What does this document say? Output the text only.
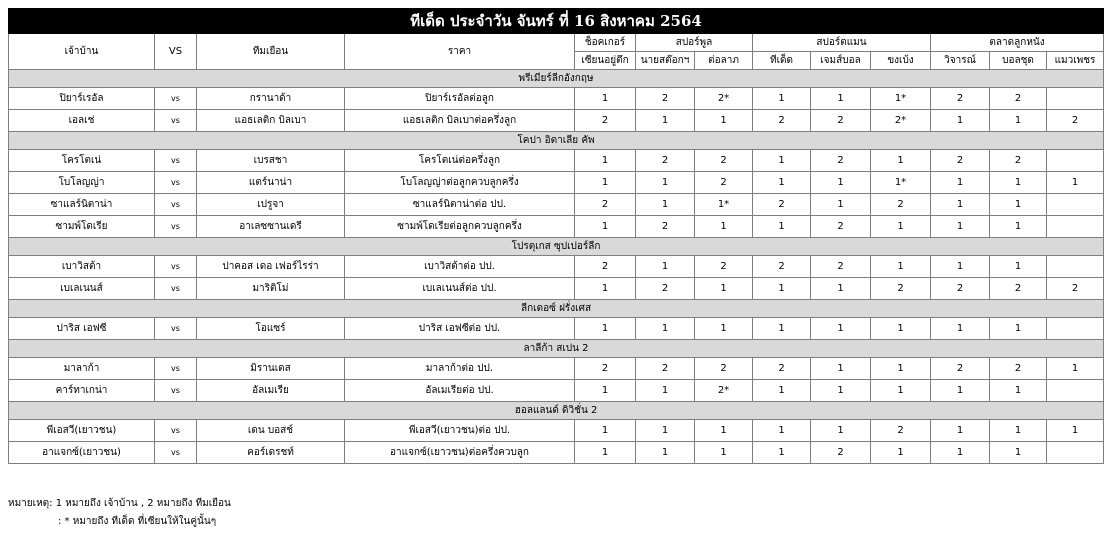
ทีเด็ด ประจำวัน จันทร์ ที่ 16 สิงหาคม 2564												
เจ้าบ้าน	VS	ทีมเยือน	ราคา	ช็อคเกอร์	สปอร์พูล		สปอร์ตแมน			ตลาดลูกหนัง		
				เซียนอยู่ตึก	นายสต๊อกฯ	ต่อลาภ	ทีเด็ด	เจมส์บอล	ขงเบ้ง	วิจารณ์	บอลชุด	แมวเพชร
พรีเมียร์ลีกอังกฤษ												
ปิยาร์เรอัล	vs	กรานาด้า	ปิยาร์เรอัลต่อลูก	1	2	2*	1	1	1*	2	2	
เอลเช่	vs	แอธเลติก บิลเบา	แอธเลติก บิลเบาต่อครึ่งลูก	2	1	1	2	2	2*	1	1	2
โคปา อิตาเลีย คัพ												
โครโตเน่	vs	เบรสชา	โครโตเน่ต่อครึ่งลูก	1	2	2	1	2	1	2	2	
โบโลญญ่า	vs	แตร์นาน่า	โบโลญญ่าต่อลูกควบลูกครึ่ง	1	1	2	1	1	1*	1	1	1
ซาแลร์นิตาน่า	vs	เปรูจา	ซาแลร์นิตาน่าต่อ ปป.	2	1	1*	2	1	2	1	1	
ซามพ์โดเรีย	vs	อาเลซซานเดรี	ซามพ์โดเรียต่อลูกควบลูกครึ่ง	1	2	1	1	2	1	1	1	
โปรตุเกส ซุปเปอร์ลีก												
เบาวิสต้า	vs	ปาคอส เดอ เฟอร์ไรร่า	เบาวิสต้าต่อ ปป.	2	1	2	2	2	1	1	1	
เบเลเนนส์	vs	มาริติโม่	เบเลเนนส์ต่อ ปป.	1	2	1	1	1	2	2	2	2
ลีกเดอซ์ ฝรั่งเศส												
ปาริส เอฟซี	vs	โอแซร์	ปาริส เอฟซีต่อ ปป.	1	1	1	1	1	1	1	1	
ลาลีก้า สเปน 2												
มาลาก้า	vs	มิรานเดส	มาลาก้าต่อ ปป.	2	2	2	2	1	1	2	2	1
คาร์ทาเกน่า	vs	อัลเมเรีย	อัลเมเรียต่อ ปป.	1	1	2*	1	1	1	1	1	
ฮอลแลนด์ ดิวิชั่น 2												
พีเอสวี(เยาวชน)	vs	เดน บอสช์	พีเอสวี(เยาวชน)ต่อ ปป.	1	1	1	1	1	2	1	1	1
อาแจกซ์(เยาวชน)	vs	คอร์เดรชท์	อาแจกซ์(เยาวชน)ต่อครึ่งควบลูก	1	1	1	1	2	1	1	1	
หมายเหตุ: 1 หมายถึง เจ้าบ้าน , 2 หมายถึง ทีมเยือน
: * หมายถึง ทีเด็ด ที่เซียนให้ในคู่นั้นๆ
